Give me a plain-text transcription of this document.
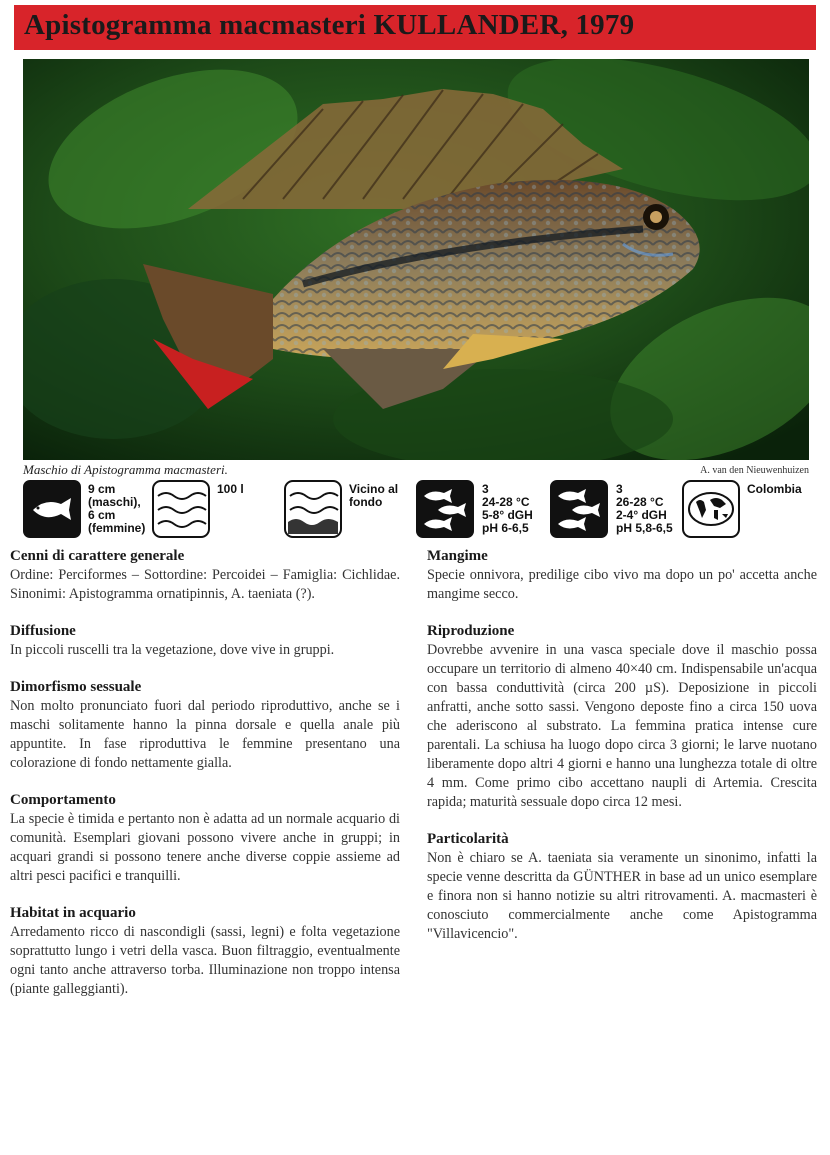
Apistogramma macmasteri KULLANDER, 1979
Maschio di Apistogramma macmasteri.	A. van den Nieuwenhuizen
9 cm
(maschi),
6 cm
(femmine)
100 l	Vicino al
fondo
3
24-28 °C
5-8° dGH
pH 6-6,5
3
26-28 °C
2-4° dGH
pH 5,8-6,5
Colombia
Cenni di carattere generale

Ordine: Perciformes – Sottordine: Percoidei – Famiglia: Cichlidae. Sinonimi: Apistogramma ornatipinnis, A. taeniata (?).

Diffusione

In piccoli ruscelli tra la vegetazione, dove vive in gruppi.

Dimorfismo sessuale

Non molto pronunciato fuori dal periodo riproduttivo, anche se i maschi solitamente hanno la pinna dorsale e quella anale più appuntite. In fase riproduttiva le femmine presentano una colorazione di fondo nettamente gialla.

Comportamento

La specie è timida e pertanto non è adatta ad un normale acquario di comunità. Esemplari giovani possono vivere anche in gruppi; in acquari grandi si possono tenere anche diverse coppie assieme ad altri pesci pacifici e tranquilli.

Habitat in acquario

Arredamento ricco di nascondigli (sassi, legni) e folta vegetazione soprattutto lungo i vetri della vasca. Buon filtraggio, eventualmente ogni tanto anche attraverso torba. Illuminazione non troppo intensa (piante galleggianti).

Mangime

Specie onnivora, predilige cibo vivo ma dopo un po' accetta anche mangime secco.

Riproduzione

Dovrebbe avvenire in una vasca speciale dove il maschio possa occupare un territorio di almeno 40×40 cm. Indispensabile un'acqua con bassa conduttività (circa 200 µS). Deposizione in piccoli anfratti, anche sotto sassi. Vengono deposte fino a circa 150 uova che aderiscono al substrato. La femmina pratica intense cure parentali. La schiusa ha luogo dopo circa 3 giorni; le larve nuotano liberamente dopo altri 4 giorni e hanno una lunghezza totale di oltre 4 mm. Come primo cibo accettano naupli di Artemia. Crescita rapida; maturità sessuale dopo circa 12 mesi.

Particolarità

Non è chiaro se A. taeniata sia veramente un sinonimo, infatti la specie venne descritta da GÜNTHER in base ad un unico esemplare e finora non si hanno notizie su altri ritrovamenti. A. macmasteri è conosciuto commercialmente anche come Apistogramma "Villavicencio".
